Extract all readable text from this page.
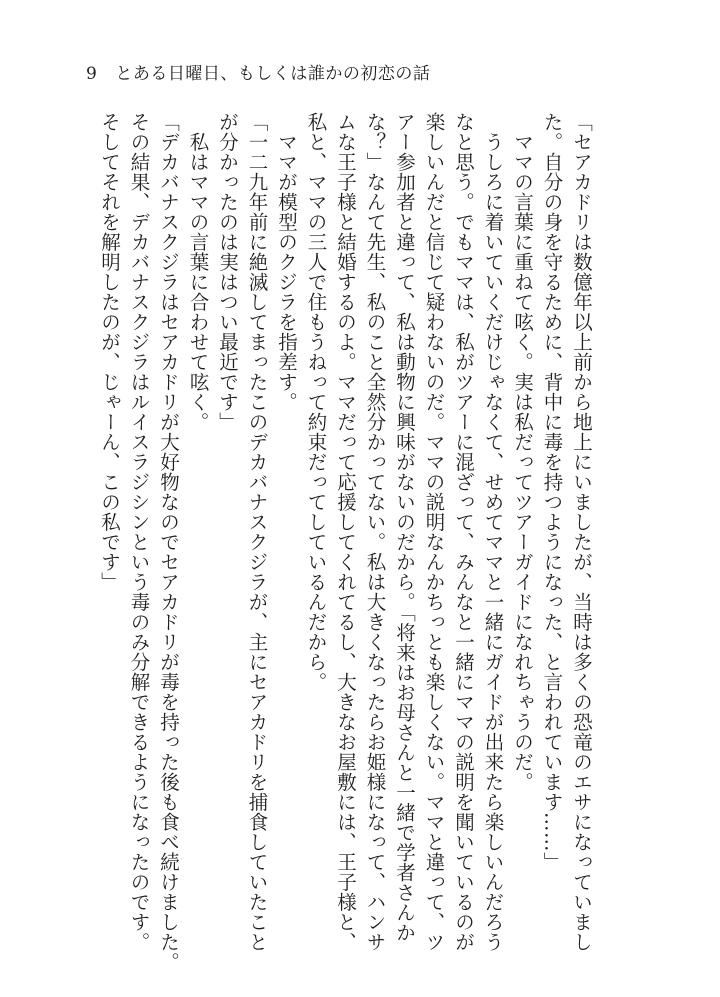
9 とある日曜日、もしくは誰かの初恋の話

「セアカドリは数億年以上前から地上にいましたが、当時は多くの恐竜のエサになっていまし

た。自分の身を守るために、背中に毒を持つようになった、と言われています……」

　ママの言葉に重ねて呟く。実は私だってツアーガイドになれちゃうのだ。

　うしろに着いていくだけじゃなくて、せめてママと一緒にガイドが出来たら楽しいんだろう

なと思う。でもママは、私がツアーに混ざって、みんなと一緒にママの説明を聞いているのが

楽しいんだと信じて疑わないのだ。ママの説明なんかちっとも楽しくない。ママと違って、ツ

アー参加者と違って、私は動物に興味がないのだから。「将来はお母さんと一緒で学者さんか

な？」なんて先生、私のこと全然分かってない。私は大きくなったらお姫様になって、ハンサ

ムな王子様と結婚するのよ。ママだって応援してくれてるし、大きなお屋敷には、王子様と、

私と、ママの三人で住もうねって約束だってしているんだから。

　ママが模型のクジラを指差す。

「一二九年前に絶滅してまったこのデカバナスクジラが、主にセアカドリを捕食していたこと

が分かったのは実はつい最近です」

　私はママの言葉に合わせて呟く。

「デカバナスクジラはセアカドリが大好物なのでセアカドリが毒を持った後も食べ続けました。

その結果、デカバナスクジラはルイスラジシンという毒のみ分解できるようになったのです。

そしてそれを解明したのが、じゃーん、この私です」
